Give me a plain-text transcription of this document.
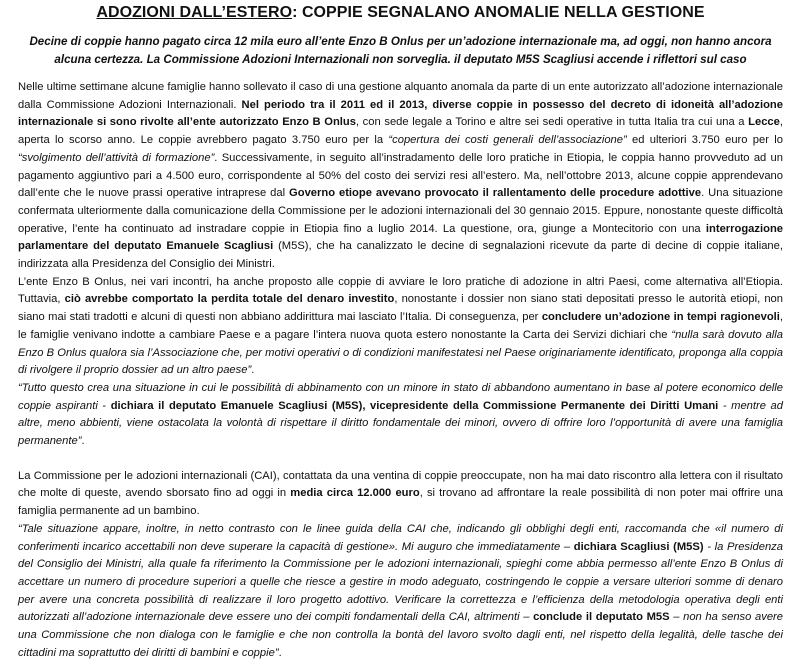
ADOZIONI DALL’ESTERO: COPPIE SEGNALANO ANOMALIE NELLA GESTIONE
Decine di coppie hanno pagato circa 12 mila euro all’ente Enzo B Onlus per un’adozione internazionale ma, ad oggi, non hanno ancora alcuna certezza. La Commissione Adozioni Internazionali non sorveglia. il deputato M5S Scagliusi accende i riflettori sul caso

Nelle ultime settimane alcune famiglie hanno sollevato il caso di una gestione alquanto anomala da parte di un ente autorizzato all’adozione internazionale dalla Commissione Adozioni Internazionali. Nel periodo tra il 2011 ed il 2013, diverse coppie in possesso del decreto di idoneità all’adozione internazionale si sono rivolte all’ente autorizzato Enzo B Onlus, con sede legale a Torino e altre sei sedi operative in tutta Italia tra cui una a Lecce, aperta lo scorso anno. Le coppie avrebbero pagato 3.750 euro per la “copertura dei costi generali dell’associazione” ed ulteriori 3.750 euro per lo “svolgimento dell’attività di formazione”. Successivamente, in seguito all’instradamento delle loro pratiche in Etiopia, le coppia hanno provveduto ad un pagamento aggiuntivo pari a 4.500 euro, corrispondente al 50% del costo dei servizi resi all’estero. Ma, nell’ottobre 2013, alcune coppie apprendevano dall’ente che le nuove prassi operative intraprese dal Governo etiope avevano provocato il rallentamento delle procedure adottive. Una situazione confermata ulteriormente dalla comunicazione della Commissione per le adozioni internazionali del 30 gennaio 2015. Eppure, nonostante queste difficoltà operative, l’ente ha continuato ad instradare coppie in Etiopia fino a luglio 2014. La questione, ora, giunge a Montecitorio con una interrogazione parlamentare del deputato Emanuele Scagliusi (M5S), che ha canalizzato le decine di segnalazioni ricevute da parte di decine di coppie italiane, indirizzata alla Presidenza del Consiglio dei Ministri.

L’ente Enzo B Onlus, nei vari incontri, ha anche proposto alle coppie di avviare le loro pratiche di adozione in altri Paesi, come alternativa all’Etiopia. Tuttavia, ciò avrebbe comportato la perdita totale del denaro investito, nonostante i dossier non siano stati depositati presso le autorità etiopi, non siano mai stati tradotti e alcuni di questi non abbiano addirittura mai lasciato l’Italia. Di conseguenza, per concludere un’adozione in tempi ragionevoli, le famiglie venivano indotte a cambiare Paese e a pagare l’intera nuova quota estero nonostante la Carta dei Servizi dichiari che “nulla sarà dovuto alla Enzo B Onlus qualora sia l’Associazione che, per motivi operativi o di condizioni manifestatesi nel Paese originariamente identificato, proponga alla coppia di rivolgere il proprio dossier ad un altro paese”.

“Tutto questo crea una situazione in cui le possibilità di abbinamento con un minore in stato di abbandono aumentano in base al potere economico delle coppie aspiranti - dichiara il deputato Emanuele Scagliusi (M5S), vicepresidente della Commissione Permanente dei Diritti Umani - mentre ad altre, meno abbienti, viene ostacolata la volontà di rispettare il diritto fondamentale dei minori, ovvero di offrire loro l’opportunità di avere una famiglia permanente”.

La Commissione per le adozioni internazionali (CAI), contattata da una ventina di coppie preoccupate, non ha mai dato riscontro alla lettera con il risultato che molte di queste, avendo sborsato fino ad oggi in media circa 12.000 euro, si trovano ad affrontare la reale possibilità di non poter mai offrire una famiglia permanente ad un bambino.

“Tale situazione appare, inoltre, in netto contrasto con le linee guida della CAI che, indicando gli obblighi degli enti, raccomanda che «il numero di conferimenti incarico accettabili non deve superare la capacità di gestione». Mi auguro che immediatamente – dichiara Scagliusi (M5S) - la Presidenza del Consiglio dei Ministri, alla quale fa riferimento la Commissione per le adozioni internazionali, spieghi come abbia permesso all’ente Enzo B Onlus di accettare un numero di procedure superiori a quelle che riesce a gestire in modo adeguato, costringendo le coppie a versare ulteriori somme di denaro per avere una concreta possibilità di realizzare il loro progetto adottivo. Verificare la correttezza e l’efficienza della metodologia operativa degli enti autorizzati all’adozione internazionale deve essere uno dei compiti fondamentali della CAI, altrimenti – conclude il deputato M5S – non ha senso avere una Commissione che non dialoga con le famiglie e che non controlla la bontà del lavoro svolto dagli enti, nel rispetto della legalità, delle tasche dei cittadini ma soprattutto dei diritti di bambini e coppie”.
